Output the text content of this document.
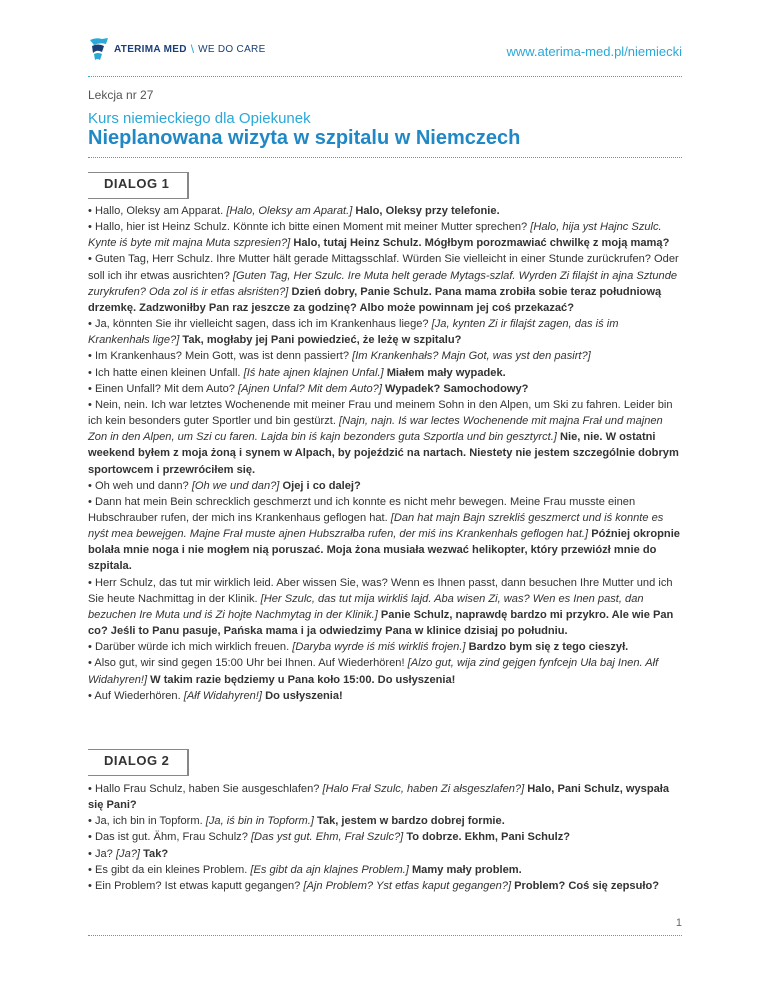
ATERIMA MED \ WE DO CARE	www.aterima-med.pl/niemiecki
Lekcja nr 27
Kurs niemieckiego dla Opiekunek
Nieplanowana wizyta w szpitalu w Niemczech
DIALOG 1

• Hallo, Oleksy am Apparat. [Halo, Oleksy am Aparat.] Halo, Oleksy przy telefonie.

• Hallo, hier ist Heinz Schulz. Könnte ich bitte einen Moment mit meiner Mutter sprechen? [Halo, hija yst Hajnc Szulc. Kynte iś byte mit majna Muta szpresien?] Halo, tutaj Heinz Schulz. Mógłbym porozmawiać chwilkę z moją mamą?

• Guten Tag, Herr Schulz. Ihre Mutter hält gerade Mittagsschlaf. Würden Sie vielleicht in einer Stunde zurückrufen? Oder soll ich ihr etwas ausrichten? [Guten Tag, Her Szulc. Ire Muta helt gerade Mytags-szlaf. Wyrden Zi filajśt in ajna Sztunde zurykrufen? Oda zol iś ir etfas ałsriśten?] Dzień dobry, Panie Schulz. Pana mama zrobiła sobie teraz południową drzemkę. Zadzwoniłby Pan raz jeszcze za godzinę? Albo może powinnam jej coś przekazać?

• Ja, könnten Sie ihr vielleicht sagen, dass ich im Krankenhaus liege? [Ja, kynten Zi ir filajśt zagen, das iś im Krankenhałs lige?] Tak, mogłaby jej Pani powiedzieć, że leżę w szpitalu?

• Im Krankenhaus? Mein Gott, was ist denn passiert? [Im Krankenhałs? Majn Got, was yst den pasirt?]

• Ich hatte einen kleinen Unfall. [Iś hate ajnen klajnen Unfal.] Miałem mały wypadek.

• Einen Unfall? Mit dem Auto? [Ajnen Unfal? Mit dem Auto?] Wypadek? Samochodowy?

• Nein, nein. Ich war letztes Wochenende mit meiner Frau und meinem Sohn in den Alpen, um Ski zu fahren. Leider bin ich kein besonders guter Sportler und bin gestürzt. [Najn, najn. Iś war lectes Wochenende mit majna Frał und majnen Zon in den Alpen, um Szi cu faren. Lajda bin iś kajn bezonders guta Szportla und bin gesztyrct.] Nie, nie. W ostatni weekend byłem z moja żoną i synem w Alpach, by pojeździć na nartach. Niestety nie jestem szczególnie dobrym sportowcem i przewróciłem się.

• Oh weh und dann? [Oh we und dan?] Ojej i co dalej?

• Dann hat mein Bein schrecklich geschmerzt und ich konnte es nicht mehr bewegen. Meine Frau musste einen Hubschrauber rufen, der mich ins Krankenhaus geflogen hat. [Dan hat majn Bajn szrekliś geszmerct und iś konnte es nyśt mea bewejgen. Majne Frał muste ajnen Hubszrałba rufen, der miś ins Krankenhałs geflogen hat.] Później okropnie bolała mnie noga i nie mogłem nią poruszać. Moja żona musiała wezwać helikopter, który przewiózł mnie do szpitala.

• Herr Schulz, das tut mir wirklich leid. Aber wissen Sie, was? Wenn es Ihnen passt, dann besuchen Ihre Mutter und ich Sie heute Nachmittag in der Klinik. [Her Szulc, das tut mija wirkliś lajd. Aba wisen Zi, was? Wen es Inen past, dan bezuchen Ire Muta und iś Zi hojte Nachmytag in der Klinik.] Panie Schulz, naprawdę bardzo mi przykro. Ale wie Pan co? Jeśli to Panu pasuje, Pańska mama i ja odwiedzimy Pana w klinice dzisiaj po południu.

• Darüber würde ich mich wirklich freuen. [Daryba wyrde iś miś wirkliś frojen.] Bardzo bym się z tego cieszył.

• Also gut, wir sind gegen 15:00 Uhr bei Ihnen. Auf Wiederhören! [Alzo gut, wija zind gejgen fynfcejn Uła baj Inen. Ałf Widahyren!] W takim razie będziemy u Pana koło 15:00. Do usłyszenia!

• Auf Wiederhören. [Ałf Widahyren!] Do usłyszenia!

DIALOG 2

• Hallo Frau Schulz, haben Sie ausgeschlafen? [Halo Frał Szulc, haben Zi ałsgeszlafen?] Halo, Pani Schulz, wyspała się Pani?

• Ja, ich bin in Topform. [Ja, iś bin in Topform.] Tak, jestem w bardzo dobrej formie.

• Das ist gut. Ähm, Frau Schulz? [Das yst gut. Ehm, Frał Szulc?] To dobrze. Ekhm, Pani Schulz?

• Ja? [Ja?] Tak?

• Es gibt da ein kleines Problem. [Es gibt da ajn klajnes Problem.] Mamy mały problem.

• Ein Problem? Ist etwas kaputt gegangen? [Ajn Problem? Yst etfas kaput gegangen?] Problem? Coś się zepsuło?

1
